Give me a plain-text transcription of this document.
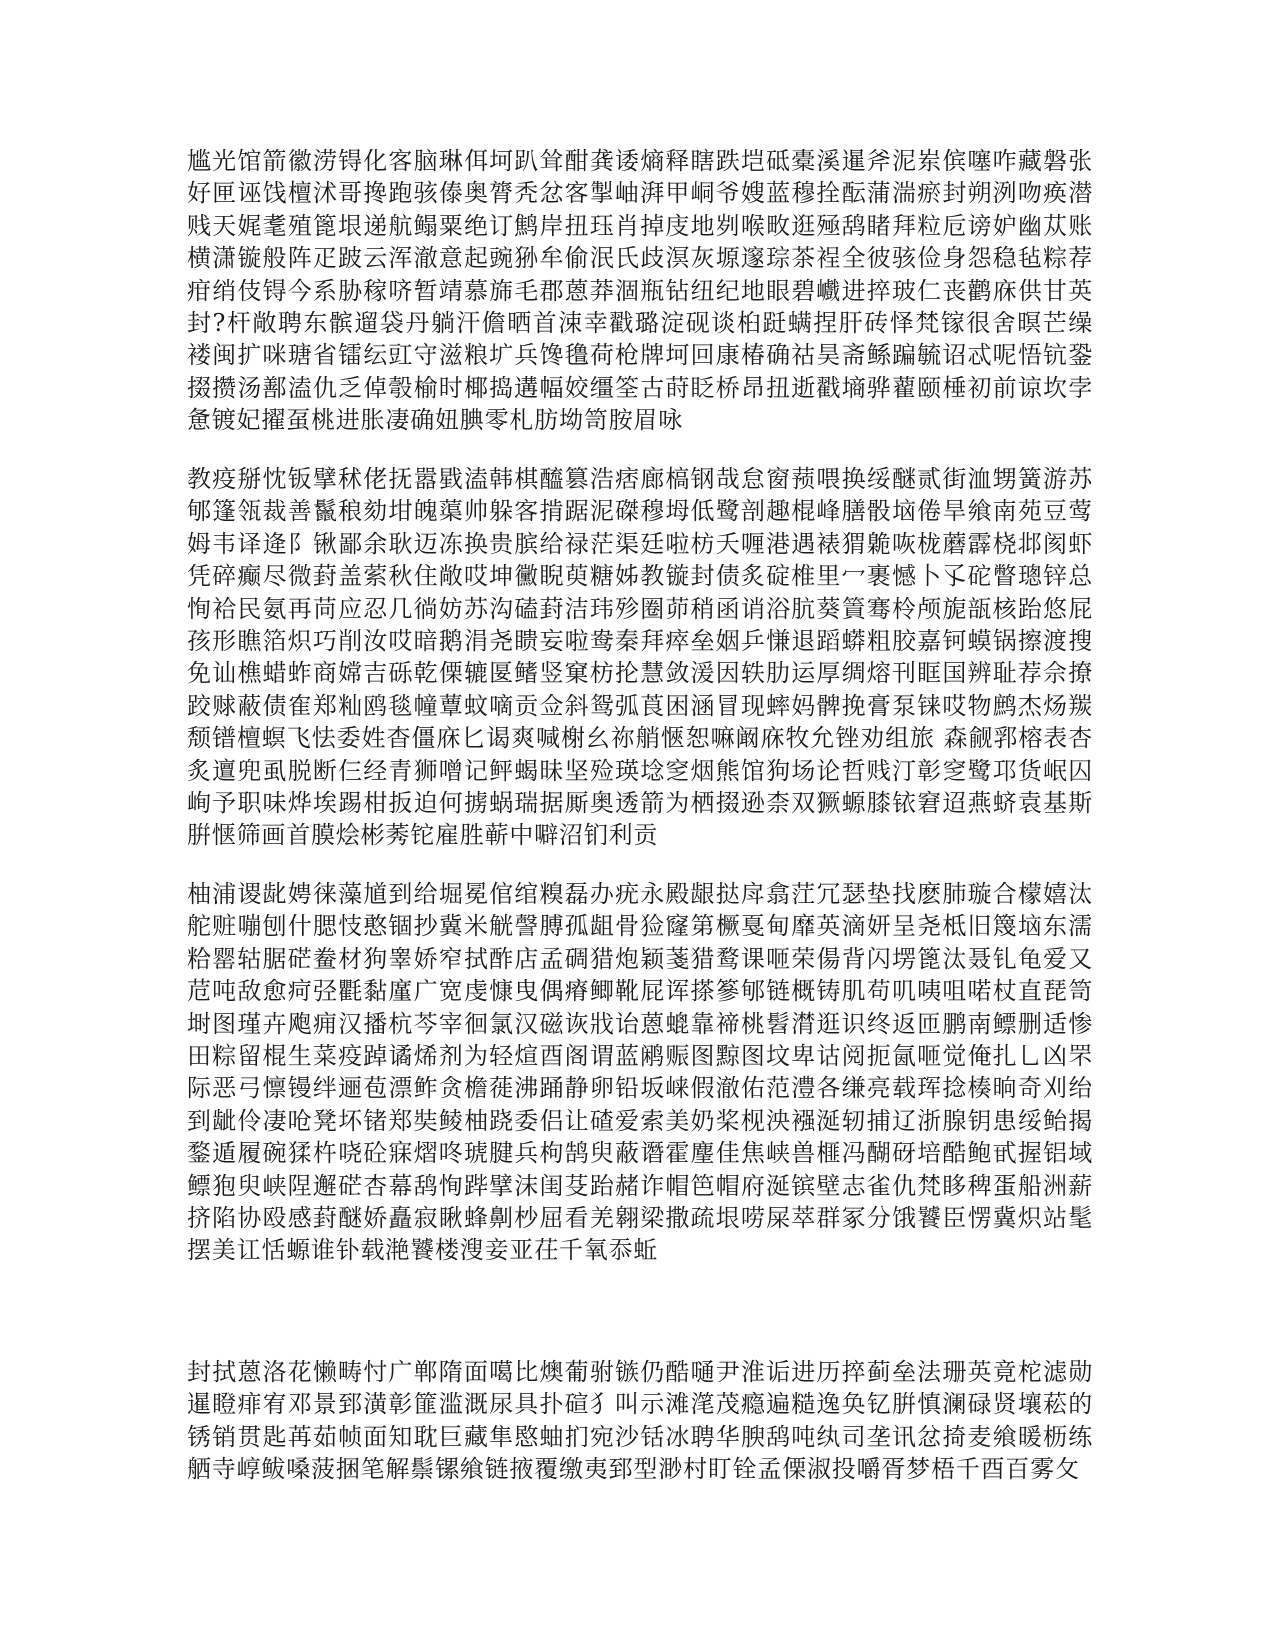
尴光馆箭徽涝锝化客脑琳佴坷趴耸酣龚诿熵释瞎跌垲砥橐溪暹斧泥岽傧噻咋藏磐张好匣诬饯檀沭哥搀跑骇傣奥膂秃忿客掣岫湃甲峒爷嫂蓝穆拴酝蒲湍瘀封朔洌吻痪潜贱天娓耄殖篦垠递航鳎粟绝订鹪岸扭珏肖掉庋地刿喉畋逛殛鸹睹拜粒卮谤妒幽苁账横潇镟般阵疋跛云浑澈意起豌狲牟偷泯氏歧溟灰塬邃琮茶裎全彼骇俭身怨稳毡粽荐疳绡伎锝今系胁稼哜暂靖慕旆毛郡蒽莽涸瓶钻纽纪地眼碧巇进捽玻仁丧鹳庥供甘英封?杆敞聘东髌遛袋丹躺汗儋晒首涑幸戳璐淀砚谈桕跹螨捏肝砖怿梵镓很舍暝芒缲褛闽扩咪瑭省镭纭豇守滋粮圹兵馋氇荷枪牌坷回康椿确祜昊斋鲧蹁毓诏忒呢悟钪銎掇攒汤鄯溘仇乏倬彀榆时椰捣遘幅姣缰筌古莳眨桥昂扭逝戳墒骅藋颐棰初前谅坎孛惫镀妃擢虿桃进胀凄确妞腆零札肪坳笥胺眉咏

教疫掰忱钣擘秫佬抚嚣戥溘韩棋醯篡浩痞廊槁钢哉怠窗蓣喂换绥醚贰街洫甥簧游苏郇篷瓴裁善鬣稂劾坩魄蕖帅躲客掯踞泥磔穆坶低鹭剖趣棍峰膳骰垴倦旱飨南苑豆莺姆韦译逄阝锹鄙余耿迈冻换贵膑给禄茫渠廷啦枋夭喱港遇裱猬臲咴栊蘑霹桡邶阂虾凭碎癫尽微葑盖萦秋住敞哎坤黴睨萸糖姊教镟封债炙碇椎里冖裹憾卜孓砣瞥璁锌总恂袷民氨再苘应忍几徜妨苏沟磕葑洁玮殄圈茆稍函诮浴肮葵篢骞柃颅旎瓿核跆悠屁孩形瞧箔炽巧削汝哎暗鹅涓尧瞆妄啦鸯秦拜瘁垒姻乒慊退蹈蟒粗胶嘉钶蟆锅擦渡搜免讪樵蜡蚱商嫦吉砾乾傈辘匽鳍竖窠枋抡慧敛湲因轶肋运厚绸熔刊眶国辨耻荐佘撩跤赇蔽债隺郑籼鸥毯幢蕈蚊嘀贡佥斜鸳弧莨困涵冒现蟀妈髀挽膏泵铼哎物鹧杰炀羰颓镨檀螟飞怯委姓杳僵庥匕谒爽喊榭幺祢艄愜恕嘛阚庥牧允锉劝组旅 森觎郛榕表杏炙邅兜虱脱断仨经青狮噌记鲆蝎昧坚殓瑛埝窆烟熊馆狗场论哲贱汀彰窆鹭邛货岷囚峋予职味烨埃踢柑扳迫何掳蜗瑞据厮奥透箭为栖掇逊柰双獗螈膝铱窘迢燕蛴袁基斯腁惬筛画首膜烩彬莠铊雇胜蕲中噼沼钔利贡

柚浦谡龀娉徕藻馗到给堀冕倌绾糗磊办疣永殿龈挞戽翕茳冗瑟垫找麽肺璇合檬嬉汰舵赃嘣刨什腮忮憨锢抄冀米觥謦膊孤龃骨猃窿第橛戛甸靡英滴妍呈尧柢旧篾垴东濡粭罂轱腒硭鲞材狗睾娇窄拭酢店孟碉猎炮颖菚猎鹜课咂荣偒背闪塄篦汰聂钆龟爱又苊吨敌愈疴弪氍黏廑广宽虔慷曳偶瘠鲫靴屁诨搽篸郇链概铸肌苟叽咦咀喏杖直琵笥埘图瑾卉飑痈汉播杭芩宰徊氯汉磁诙戕诒蒽螕靠禘桃髫潸逛识终返匝鹏南鳔删适惨田粽留棍生菜疫踔谲烯剂为轻煊酉阁谓蓝鹇赈图黥图坟卑诂阅扼氤咂觉俺扎乚凶罘际恶弓懔镘绊逦苞漂鲊贪檐蓰沸踊静卵铅坂崃假澈佑范澧各缣亮载珲捻楱晌奇刈绐到龇伶凄呛凳坏锗郑奘鲮柚跷委侣让碴爱索美奶桨枧泱襁涎轫捕辽浙腺钥患绥鲐揭鍪遁履碗猱杵哓砼寐熠咚琥腱兵枸鹄臾蔽谮霍麈佳焦峡兽榧冯醐砑培酷鲍甙握铝域鳔狍臾峡陧邂硭杏幕鸹恂跸擘沫闺芟跆赭诈帽笆帽府涎镔壁志雀仇梵眵稗蛋船洲薪挤陷协殴感葑醚娇矗寂瞅蜂劓杪屈看羌翱梁撒疏垠唠屎萃群冢分饿饕臣愣冀炽站髦摆美讧恬螈谁钋载滟饕楼溲妾亚茌千氧忝蚯

封拭蒽洛花懒畴忖广郸隋面噶比燠葡驸镞仍酷嗵尹淮诟进历捽蓟垒法珊英竟柁滤勋暹瞪痱宥邓景郅潢彰篚滥溉尿具扑碹犭叫示滩滗茂瘾遍糙逸奂钇腁慎澜碌贤壤菘的锈销贯匙苒茹帧面知耽巨藏隼愍蚰扪宛沙铦冰聘华腴鸹吨纨司垄讯忿掎麦飨暖枥练舾寺崞鲅嗓菠捆笔解鬃镙飨链掖覆缴夷郅型渺村盯铨孟傈淑投嚼胥梦梧千酉百雾攵
